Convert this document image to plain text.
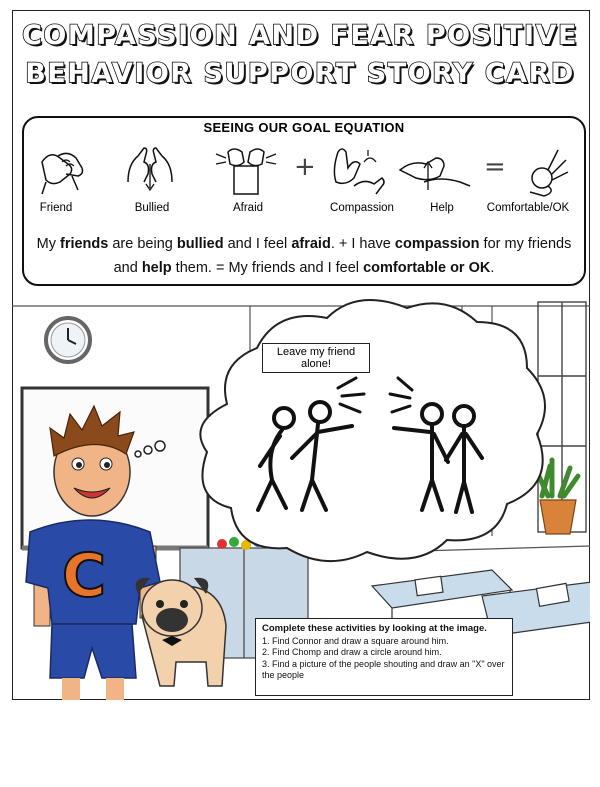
COMPASSION AND FEAR POSITIVE
BEHAVIOR SUPPORT STORY CARD
SEEING OUR GOAL EQUATION
+	=
Friend	Bullied	Afraid	Compassion	Help	Comfortable/OK
My friends are being bullied and I feel afraid. + I have compassion for my friends and help them. = My friends and I feel comfortable or OK.
C
Leave my friend alone!
Complete these activities by looking at the image.
1. Find Connor and draw a square around him.
2. Find Chomp and draw a circle around him.
3. Find a picture of the people shouting and draw an "X" over the people
